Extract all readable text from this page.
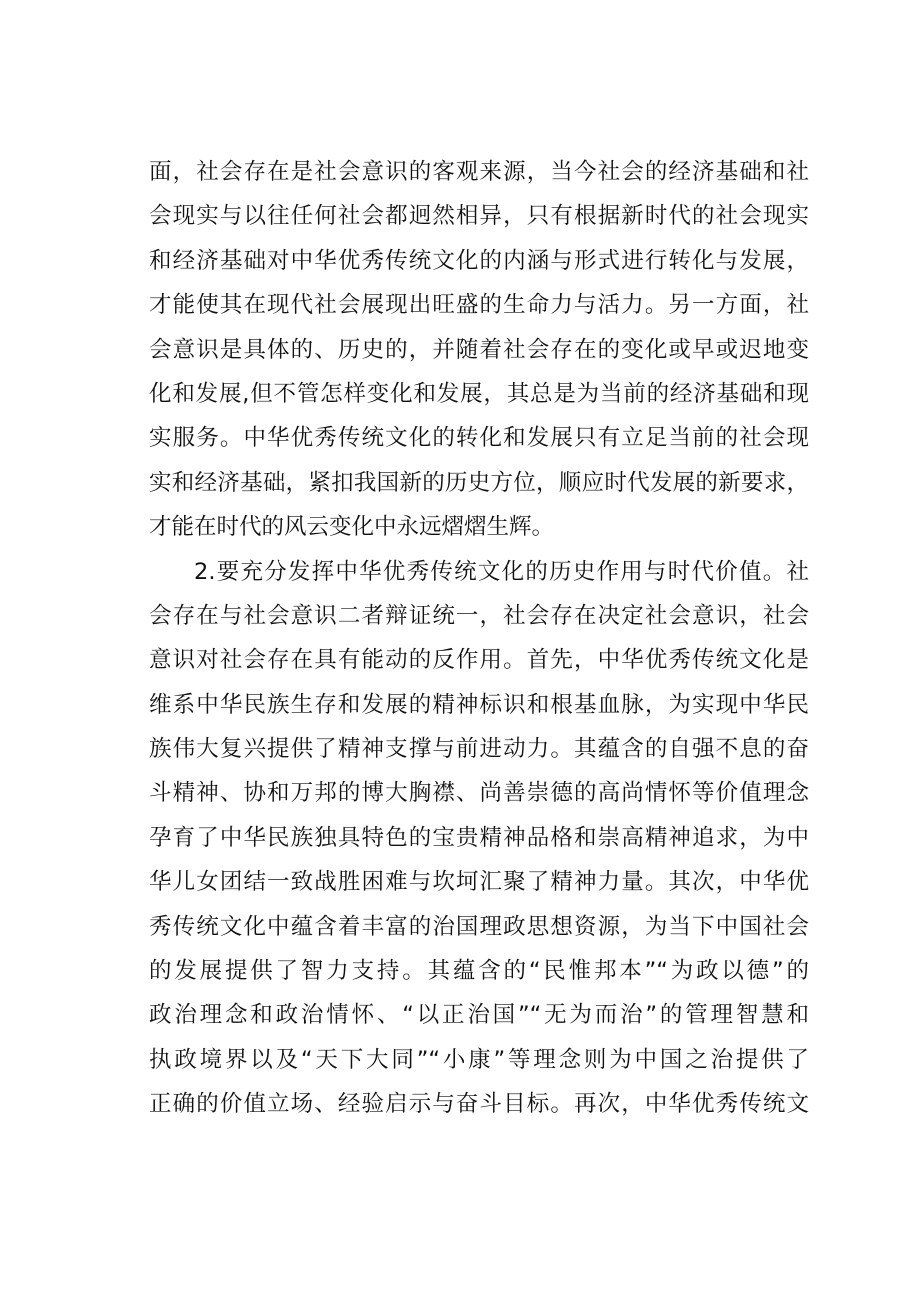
面，社会存在是社会意识的客观来源，当今社会的经济基础和社
会现实与以往任何社会都迥然相异，只有根据新时代的社会现实
和经济基础对中华优秀传统文化的内涵与形式进行转化与发展，
才能使其在现代社会展现出旺盛的生命力与活力。另一方面，社
会意识是具体的、历史的，并随着社会存在的变化或早或迟地变
化和发展,但不管怎样变化和发展，其总是为当前的经济基础和现
实服务。中华优秀传统文化的转化和发展只有立足当前的社会现
实和经济基础，紧扣我国新的历史方位，顺应时代发展的新要求，
才能在时代的风云变化中永远熠熠生辉。
2.要充分发挥中华优秀传统文化的历史作用与时代价值。社
会存在与社会意识二者辩证统一，社会存在决定社会意识，社会
意识对社会存在具有能动的反作用。首先，中华优秀传统文化是
维系中华民族生存和发展的精神标识和根基血脉，为实现中华民
族伟大复兴提供了精神支撑与前进动力。其蕴含的自强不息的奋
斗精神、协和万邦的博大胸襟、尚善崇德的高尚情怀等价值理念
孕育了中华民族独具特色的宝贵精神品格和崇高精神追求，为中
华儿女团结一致战胜困难与坎坷汇聚了精神力量。其次，中华优
秀传统文化中蕴含着丰富的治国理政思想资源，为当下中国社会
的发展提供了智力支持。其蕴含的“民惟邦本”“为政以德”的
政治理念和政治情怀、“以正治国”“无为而治”的管理智慧和
执政境界以及“天下大同”“小康”等理念则为中国之治提供了
正确的价值立场、经验启示与奋斗目标。再次，中华优秀传统文
